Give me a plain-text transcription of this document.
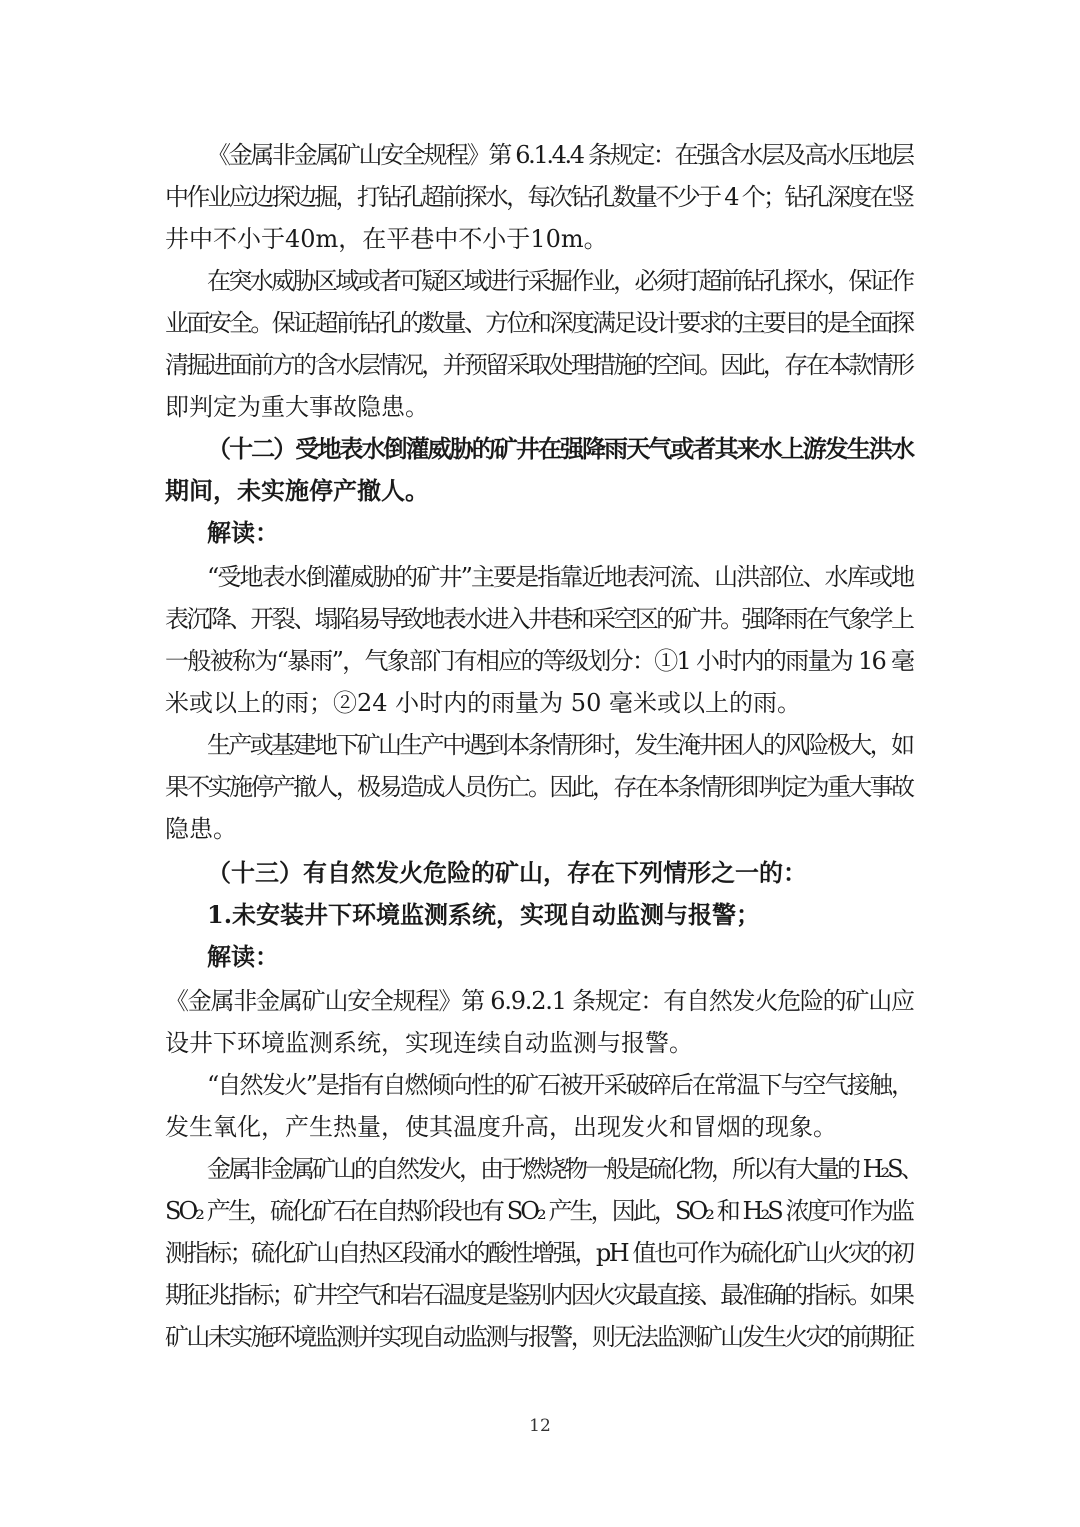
《金属非金属矿山安全规程》第 6.1.4.4 条规定：在强含水层及高水压地层
中作业应边探边掘，打钻孔超前探水，每次钻孔数量不少于 4 个；钻孔深度在竖
井中不小于40m，在平巷中不小于10m。
在突水威胁区域或者可疑区域进行采掘作业，必须打超前钻孔探水，保证作
业面安全。保证超前钻孔的数量、方位和深度满足设计要求的主要目的是全面探
清掘进面前方的含水层情况，并预留采取处理措施的空间。因此，存在本款情形
即判定为重大事故隐患。
（十二）受地表水倒灌威胁的矿井在强降雨天气或者其来水上游发生洪水
期间，未实施停产撤人。
解读：
“受地表水倒灌威胁的矿井”主要是指靠近地表河流、山洪部位、水库或地
表沉降、开裂、塌陷易导致地表水进入井巷和采空区的矿井。强降雨在气象学上
一般被称为“暴雨”，气象部门有相应的等级划分：①1 小时内的雨量为 16 毫
米或以上的雨；②24 小时内的雨量为 50 毫米或以上的雨。
生产或基建地下矿山生产中遇到本条情形时，发生淹井困人的风险极大，如
果不实施停产撤人，极易造成人员伤亡。因此，存在本条情形即判定为重大事故
隐患。
（十三）有自然发火危险的矿山，存在下列情形之一的：
1.未安装井下环境监测系统，实现自动监测与报警；
解读：
《金属非金属矿山安全规程》第 6.9.2.1 条规定：有自然发火危险的矿山应
设井下环境监测系统，实现连续自动监测与报警。
“自然发火”是指有自燃倾向性的矿石被开采破碎后在常温下与空气接触，
发生氧化，产生热量，使其温度升高，出现发火和冒烟的现象。
金属非金属矿山的自然发火，由于燃烧物一般是硫化物，所以有大量的 H₂S、
SO₂ 产生，硫化矿石在自热阶段也有 SO₂ 产生，因此，SO₂ 和 H₂S 浓度可作为监
测指标；硫化矿山自热区段涌水的酸性增强，pH 值也可作为硫化矿山火灾的初
期征兆指标；矿井空气和岩石温度是鉴别内因火灾最直接、最准确的指标。如果
矿山未实施环境监测并实现自动监测与报警，则无法监测矿山发生火灾的前期征
12
